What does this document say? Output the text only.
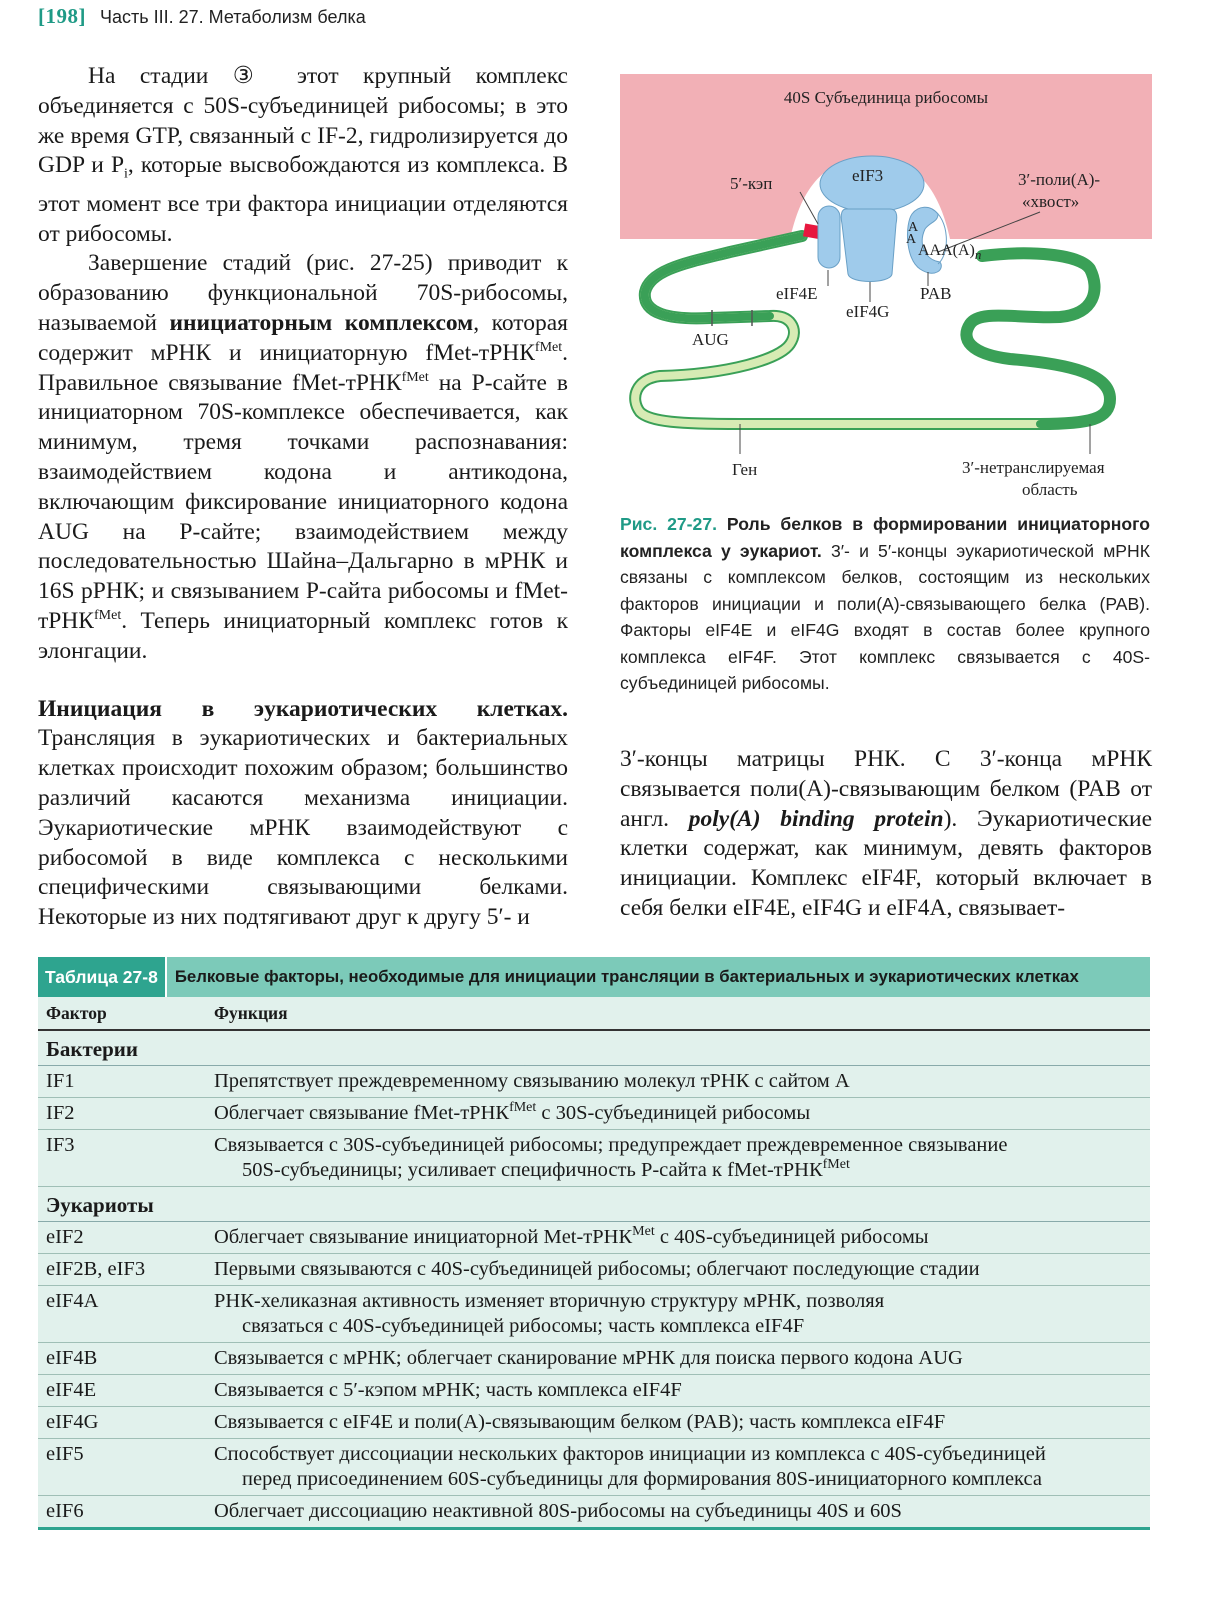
[198] Часть III. 27. Метаболизм белка

На стадии ③ этот крупный комплекс объединяется с 50S-субъединицей рибосомы; в это же время GTP, связанный с IF-2, гидролизируется до GDP и $P_i$, которые высвобождаются из комплекса. В этот момент все три фактора инициации отделяются от рибосомы.

Завершение стадий (рис. 27-25) приводит к образованию функциональной 70S-рибосомы, называемой инициаторным комплексом, которая содержит мРНК и инициаторную fMet-тРНК$^{fMet}$. Правильное связывание fMet-тРНК$^{fMet}$ на Р-сайте в инициаторном 70S-комплексе обеспечивается, как минимум, тремя точками распознавания: взаимодействием кодона и антикодона, включающим фиксирование инициаторного кодона AUG на Р-сайте; взаимодействием между последовательностью Шайна–Дальгарно в мРНК и 16S рРНК; и связыванием Р-сайта рибосомы и fMet-тРНК$^{fMet}$. Теперь инициаторный комплекс готов к элонгации.

Инициация в эукариотических клетках. Трансляция в эукариотических и бактериальных клетках происходит похожим образом; большинство различий касаются механизма инициации. Эукариотические мРНК взаимодействуют с рибосомой в виде комплекса с несколькими специфическими связывающими белками. Некоторые из них подтягивают друг к другу 5′- и

40S Субъединица рибосомы
5′-кэп	eIF3	3′-поли(A)-
«хвост»
A
A
$AAA(A)_n$
eIF4E	PAB
eIF4G
AUG
Ген	3′-нетранслируемая
область
Рис. 27-27. Роль белков в формировании инициаторного комплекса у эукариот. 3′- и 5′-концы эукариотической мРНК связаны с комплексом белков, состоящим из нескольких факторов инициации и поли(A)-связывающего белка (PAB). Факторы eIF4E и eIF4G входят в состав более крупного комплекса eIF4F. Этот комплекс связывается с 40S-субъединицей рибосомы.

3′-концы матрицы РНК. С 3′-конца мРНК связывается поли(A)-связывающим белком (PAB от англ. poly(A) binding protein). Эукариотические клетки содержат, как минимум, девять факторов инициации. Комплекс eIF4F, который включает в себя белки eIF4E, eIF4G и eIF4A, связывает-

Таблица 27-8	Белковые факторы, необходимые для инициации трансляции в бактериальных и эукариотических клетках
Фактор	Функция
Бактерии
IF1	Препятствует преждевременному связыванию молекул тРНК с сайтом А
IF2	Облегчает связывание fMet-тРНК$^{fMet}$ с 30S-субъединицей рибосомы
IF3	Связывается с 30S-субъединицей рибосомы; предупреждает преждевременное связывание
50S-субъединицы; усиливает специфичность Р-сайта к fMet-тРНК$^{fMet}$
Эукариоты
eIF2	Облегчает связывание инициаторной Met-тРНК$^{Met}$ с 40S-субъединицей рибосомы
eIF2B, eIF3	Первыми связываются с 40S-субъединицей рибосомы; облегчают последующие стадии
eIF4A	РНК-хеликазная активность изменяет вторичную структуру мРНК, позволяя
связаться с 40S-субъединицей рибосомы; часть комплекса eIF4F
eIF4B	Связывается с мРНК; облегчает сканирование мРНК для поиска первого кодона AUG
eIF4E	Связывается с 5′-кэпом мРНК; часть комплекса eIF4F
eIF4G	Связывается с eIF4E и поли(A)-связывающим белком (PAB); часть комплекса eIF4F
eIF5	Способствует диссоциации нескольких факторов инициации из комплекса с 40S-субъединицей
перед присоединением 60S-субъединицы для формирования 80S-инициаторного комплекса
eIF6	Облегчает диссоциацию неактивной 80S-рибосомы на субъединицы 40S и 60S
